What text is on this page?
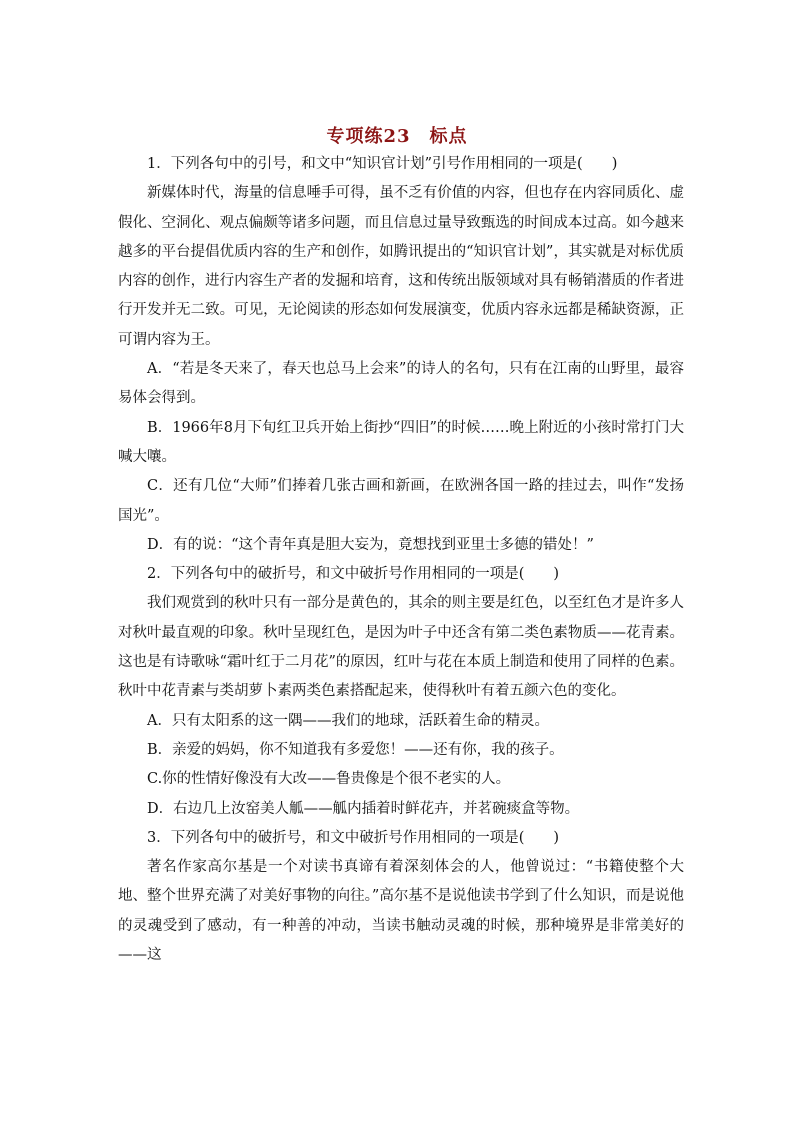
专项练23　标点

1．下列各句中的引号，和文中“知识官计划”引号作用相同的一项是(　　)

新媒体时代，海量的信息唾手可得，虽不乏有价值的内容，但也存在内容同质化、虚假化、空洞化、观点偏颇等诸多问题，而且信息过量导致甄选的时间成本过高。如今越来越多的平台提倡优质内容的生产和创作，如腾讯提出的“知识官计划”，其实就是对标优质内容的创作，进行内容生产者的发掘和培育，这和传统出版领域对具有畅销潜质的作者进行开发并无二致。可见，无论阅读的形态如何发展演变，优质内容永远都是稀缺资源，正可谓内容为王。

A．“若是冬天来了，春天也总马上会来”的诗人的名句，只有在江南的山野里，最容易体会得到。

B．1966年8月下旬红卫兵开始上街抄“四旧”的时候……晚上附近的小孩时常打门大喊大嚷。

C．还有几位“大师”们捧着几张古画和新画，在欧洲各国一路的挂过去，叫作“发扬国光”。

D．有的说：“这个青年真是胆大妄为，竟想找到亚里士多德的错处！”

2．下列各句中的破折号，和文中破折号作用相同的一项是(　　)

我们观赏到的秋叶只有一部分是黄色的，其余的则主要是红色，以至红色才是许多人对秋叶最直观的印象。秋叶呈现红色，是因为叶子中还含有第二类色素物质——花青素。这也是有诗歌咏“霜叶红于二月花”的原因，红叶与花在本质上制造和使用了同样的色素。秋叶中花青素与类胡萝卜素两类色素搭配起来，使得秋叶有着五颜六色的变化。

A．只有太阳系的这一隅——我们的地球，活跃着生命的精灵。

B．亲爱的妈妈，你不知道我有多爱您！——还有你，我的孩子。

C.你的性情好像没有大改——鲁贵像是个很不老实的人。

D．右边几上汝窑美人觚——觚内插着时鲜花卉，并茗碗痰盒等物。

3．下列各句中的破折号，和文中破折号作用相同的一项是(　　)

著名作家高尔基是一个对读书真谛有着深刻体会的人，他曾说过：“书籍使整个大地、整个世界充满了对美好事物的向往。”高尔基不是说他读书学到了什么知识，而是说他的灵魂受到了感动，有一种善的冲动，当读书触动灵魂的时候，那种境界是非常美好的——这
